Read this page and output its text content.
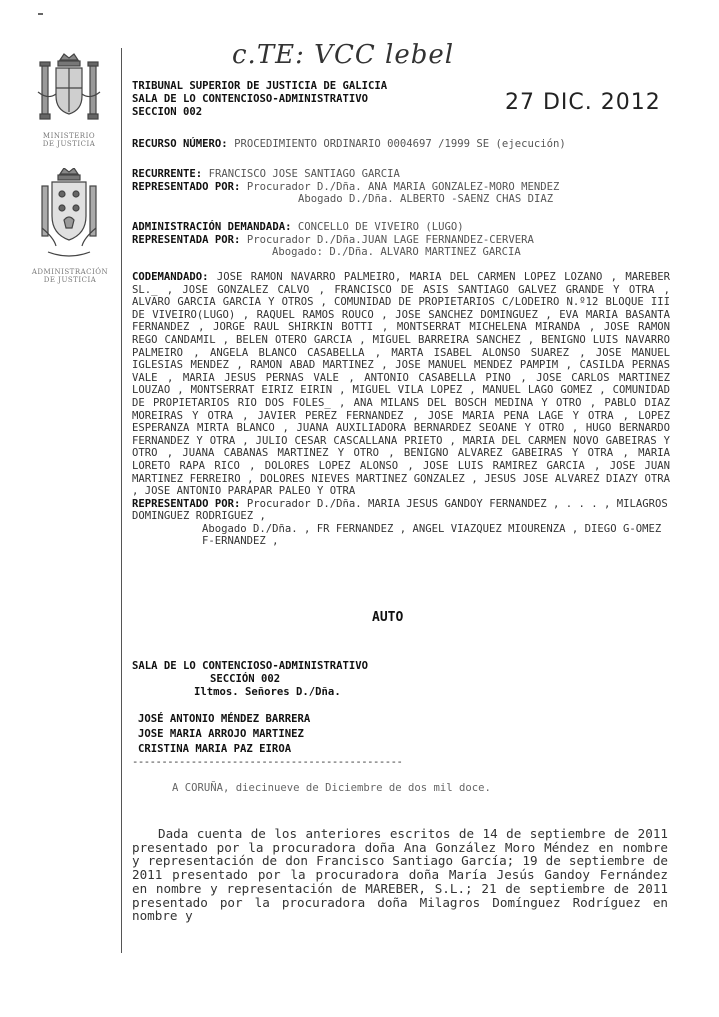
MINISTERIO DE JUSTICIA
ADMINISTRACIÓN DE JUSTICIA
c.TE: VCC lebel
27 DIC. 2012
TRIBUNAL SUPERIOR DE JUSTICIA DE GALICIA
SALA DE LO CONTENCIOSO-ADMINISTRATIVO
SECCION 002
RECURSO NÚMERO: PROCEDIMIENTO ORDINARIO 0004697 /1999 SE (ejecución)
RECURRENTE: FRANCISCO JOSE SANTIAGO GARCIA
REPRESENTADO POR: Procurador D./Dña. ANA MARIA GONZALEZ-MORO MENDEZ
Abogado D./Dña. ALBERTO -SAENZ CHAS DIAZ
ADMINISTRACIÓN DEMANDADA: CONCELLO DE VIVEIRO (LUGO)
REPRESENTADA POR: Procurador D./Dña.JUAN LAGE FERNANDEZ-CERVERA
Abogado: D./Dña. ALVARO MARTINEZ GARCIA
CODEMANDADO: JOSE RAMON NAVARRO PALMEIRO, MARIA DEL CARMEN LOPEZ LOZANO , MAREBER SL._ , JOSE GONZALEZ CALVO , FRANCISCO DE ASIS SANTIAGO GALVEZ GRANDE Y OTRA , ALVARO GARCIA GARCIA Y OTROS , COMUNIDAD DE PROPIETARIOS C/LODEIRO N.º12 BLOQUE III DE VIVEIRO(LUGO) , RAQUEL RAMOS ROUCO , JOSE SANCHEZ DOMINGUEZ , EVA MARIA BASANTA FERNANDEZ , JORGE RAUL SHIRKIN BOTTI , MONTSERRAT MICHELENA MIRANDA , JOSE RAMON REGO CANDAMIL , BELEN OTERO GARCIA , MIGUEL BARREIRA SANCHEZ , BENIGNO LUIS NAVARRO PALMEIRO , ANGELA BLANCO CASABELLA , MARTA ISABEL ALONSO SUAREZ , JOSE MANUEL IGLESIAS MENDEZ , RAMON ABAD MARTINEZ , JOSE MANUEL MENDEZ PAMPIM , CASILDA PERNAS VALE , MARIA JESUS PERNAS VALE , ANTONIO CASABELLA PINO , JOSE CARLOS MARTINEZ LOUZAO , MONTSERRAT EIRIZ EIRIN , MIGUEL VILA LOPEZ , MANUEL LAGO GOMEZ , COMUNIDAD DE PROPIETARIOS RIO DOS FOLES_ , ANA MILANS DEL BOSCH MEDINA Y OTRO , PABLO DIAZ MOREIRAS Y OTRA , JAVIER PEREZ FERNANDEZ , JOSE MARIA PENA LAGE Y OTRA , LOPEZ ESPERANZA MIRTA BLANCO , JUANA AUXILIADORA BERNARDEZ SEOANE Y OTRO , HUGO BERNARDO FERNANDEZ Y OTRA , JULIO CESAR CASCALLANA PRIETO , MARIA DEL CARMEN NOVO GABEIRAS Y OTRO , JUANA CABANAS MARTINEZ Y OTRO , BENIGNO ALVAREZ GABEIRAS Y OTRA , MARIA LORETO RAPA RICO , DOLORES LOPEZ ALONSO , JOSE LUIS RAMIREZ GARCIA , JOSE JUAN MARTINEZ FERREIRO , DOLORES NIEVES MARTINEZ GONZALEZ , JESUS JOSE ALVAREZ DIAZY OTRA , JOSE ANTONIO PARAPAR PALEO Y OTRA
REPRESENTADO POR: Procurador D./Dña. MARIA JESUS GANDOY FERNANDEZ , . . . , MILAGROS DOMINGUEZ RODRIGUEZ ,
Abogado D./Dña. , FR FERNANDEZ , ANGEL VIAZQUEZ MIOURENZA , DIEGO G-OMEZ F-ERNANDEZ ,
AUTO
SALA DE LO CONTENCIOSO-ADMINISTRATIVO
SECCIÓN 002
Iltmos. Señores D./Dña.
JOSÉ ANTONIO MÉNDEZ BARRERA
JOSE MARIA ARROJO MARTINEZ
CRISTINA MARIA PAZ EIROA
----------------------------------------------
A CORUÑA, diecinueve de Diciembre de dos mil doce.
Dada cuenta de los anteriores escritos de 14 de septiembre de 2011 presentado por la procuradora doña Ana González Moro Méndez en nombre y representación de don Francisco Santiago García; 19 de septiembre de 2011 presentado por la procuradora doña María Jesús Gandoy Fernández en nombre y representación de MAREBER, S.L.; 21 de septiembre de 2011 presentado por la procuradora doña Milagros Domínguez Rodríguez en nombre y
